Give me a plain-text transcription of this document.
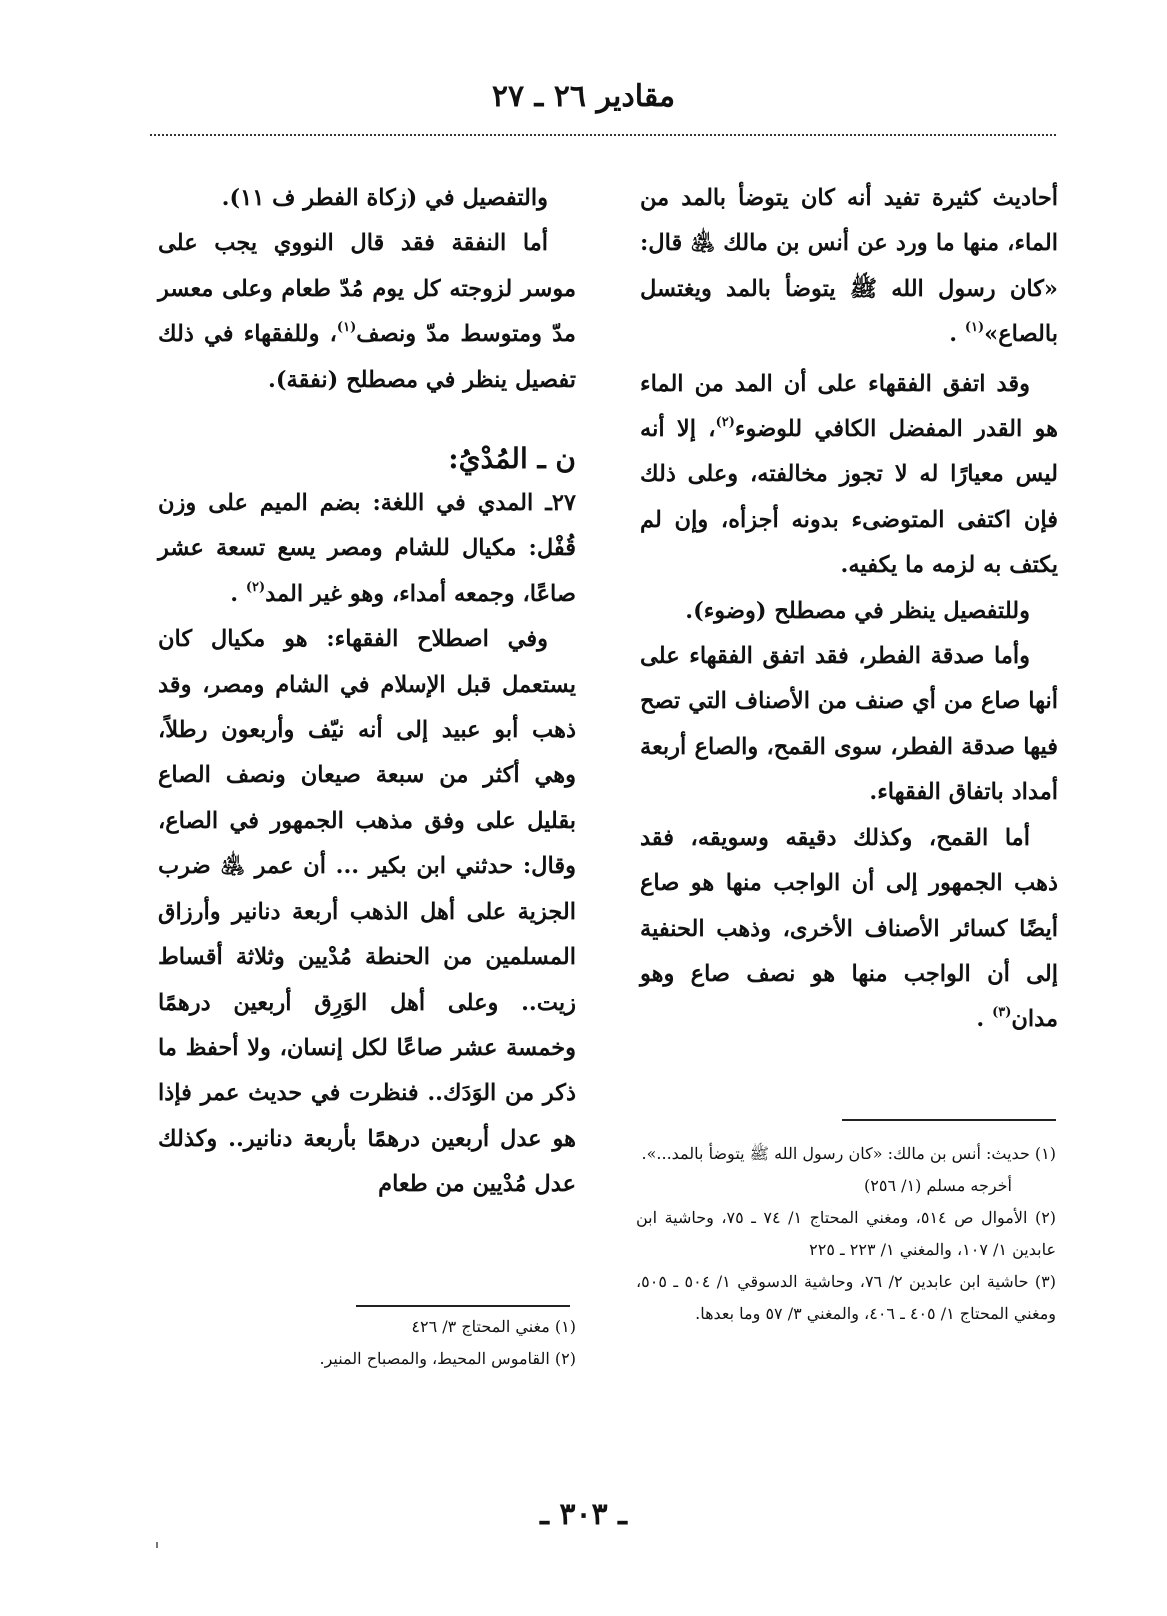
مقادير ٢٦ ـ ٢٧

أحاديث كثيرة تفيد أنه كان يتوضأ بالمد من الماء، منها ما ورد عن أنس بن مالك ﵁ قال: «كان رسول الله ﷺ يتوضأ بالمد ويغتسل بالصاع»$^{(١)}$ .

وقد اتفق الفقهاء على أن المد من الماء هو القدر المفضل الكافي للوضوء$^{(٢)}$، إلا أنه ليس معيارًا له لا تجوز مخالفته، وعلى ذلك فإن اكتفى المتوضىء بدونه أجزأه، وإن لم يكتف به لزمه ما يكفيه.

وللتفصيل ينظر في مصطلح (وضوء).

وأما صدقة الفطر، فقد اتفق الفقهاء على أنها صاع من أي صنف من الأصناف التي تصح فيها صدقة الفطر، سوى القمح، والصاع أربعة أمداد باتفاق الفقهاء.

أما القمح، وكذلك دقيقه وسويقه، فقد ذهب الجمهور إلى أن الواجب منها هو صاع أيضًا كسائر الأصناف الأخرى، وذهب الحنفية إلى أن الواجب منها هو نصف صاع وهو مدان$^{(٣)}$ .

والتفصيل في (زكاة الفطر ف ١١).

أما النفقة فقد قال النووي يجب على موسر لزوجته كل يوم مُدّ طعام وعلى معسر مدّ ومتوسط مدّ ونصف$^{(١)}$، وللفقهاء في ذلك تفصيل ينظر في مصطلح (نفقة).

ن ـ المُدْيُ:

٢٧ـ المدي في اللغة: بضم الميم على وزن قُفْل: مكيال للشام ومصر يسع تسعة عشر صاعًا، وجمعه أمداء، وهو غير المد$^{(٢)}$ .

وفي اصطلاح الفقهاء: هو مكيال كان يستعمل قبل الإسلام في الشام ومصر، وقد ذهب أبو عبيد إلى أنه نيّف وأربعون رطلاً، وهي أكثر من سبعة صيعان ونصف الصاع بقليل على وفق مذهب الجمهور في الصاع، وقال: حدثني ابن بكير ... أن عمر ﵁ ضرب الجزية على أهل الذهب أربعة دنانير وأرزاق المسلمين من الحنطة مُدْيين وثلاثة أقساط زيت.. وعلى أهل الوَرِق أربعين درهمًا وخمسة عشر صاعًا لكل إنسان، ولا أحفظ ما ذكر من الوَدَك.. فنظرت في حديث عمر فإذا هو عدل أربعين درهمًا بأربعة دنانير.. وكذلك عدل مُدْيين من طعام

(١) حديث: أنس بن مالك: «كان رسول الله ﷺ يتوضأ بالمد...».

أخرجه مسلم (١/ ٢٥٦)

(٢) الأموال ص ٥١٤، ومغني المحتاج ١/ ٧٤ ـ ٧٥، وحاشية ابن عابدين ١/ ١٠٧، والمغني ١/ ٢٢٣ ـ ٢٢٥

(٣) حاشية ابن عابدين ٢/ ٧٦، وحاشية الدسوقي ١/ ٥٠٤ ـ ٥٠٥، ومغني المحتاج ١/ ٤٠٥ ـ ٤٠٦، والمغني ٣/ ٥٧ وما بعدها.

(١) مغني المحتاج ٣/ ٤٢٦

(٢) القاموس المحيط، والمصباح المنير.

ـ ٣٠٣ ـ
